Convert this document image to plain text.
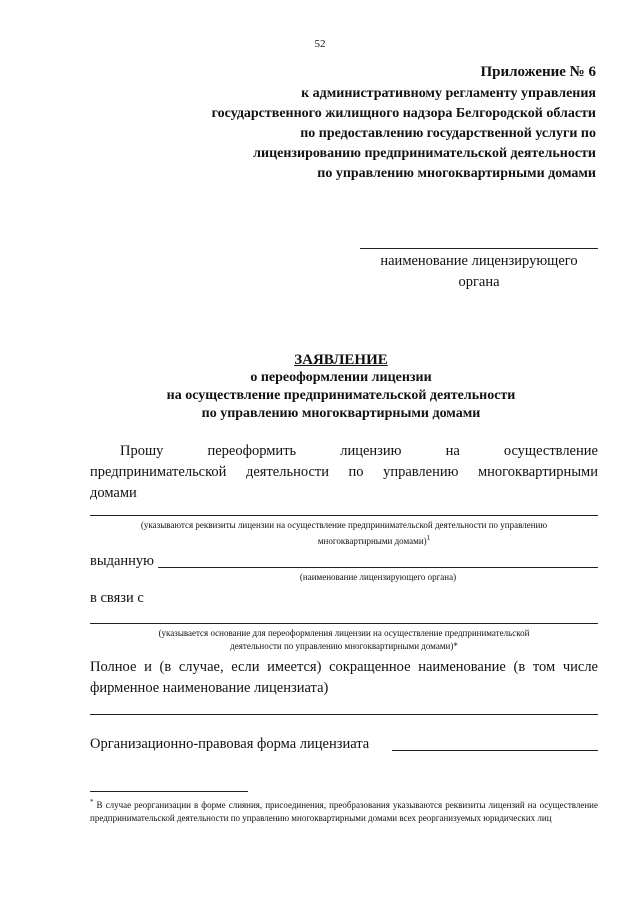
52
Приложение № 6
к административному регламенту управления
государственного жилищного надзора Белгородской области
по предоставлению государственной услуги по
лицензированию предпринимательской деятельности
по управлению многоквартирными домами
наименование лицензирующего
органа
ЗАЯВЛЕНИЕ
о переоформлении лицензии
на осуществление предпринимательской деятельности
по управлению многоквартирными домами
Прошу	переоформить	лицензию	на	осуществление
предпринимательской  деятельности  по  управлению  многоквартирными
домами
(указываются реквизиты лицензии на осуществление предпринимательской деятельности по управлению
многоквартирными домами)$^1$
выданную
(наименование лицензирующего органа)
в связи с
(указывается основание для переоформления лицензии на осуществление предпринимательской
деятельности по управлению многоквартирными домами)*
Полное и (в случае, если имеется) сокращенное наименование (в том числе
фирменное наименование лицензиата)
Организационно-правовая форма лицензиата
* В случае реорганизации в форме слияния, присоединения, преобразования указываются реквизиты лицензий на осуществление предпринимательской деятельности по управлению многоквартирными домами всех реорганизуемых юридических лиц
